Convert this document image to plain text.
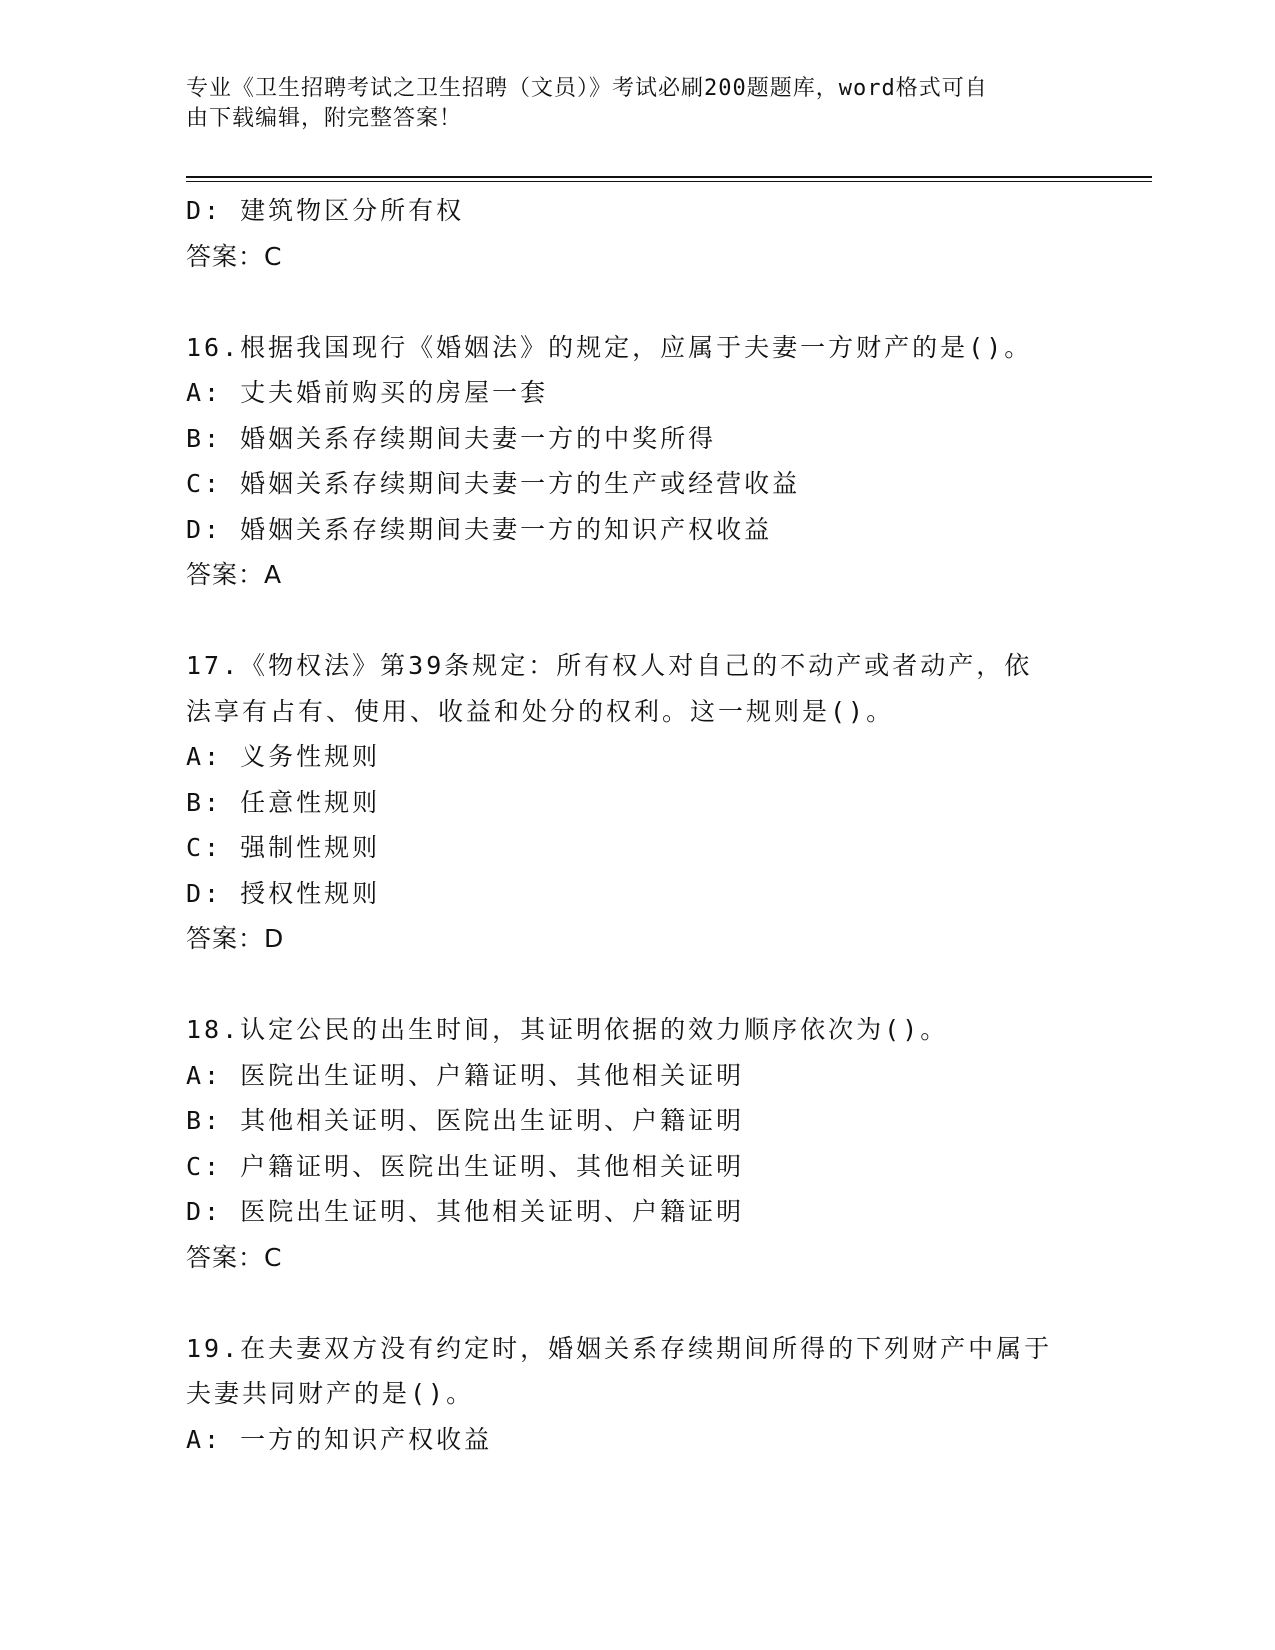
专业《卫生招聘考试之卫生招聘（文员）》考试必刷200题题库，word格式可自
由下载编辑，附完整答案！
D: 建筑物区分所有权
答案：C
16.根据我国现行《婚姻法》的规定，应属于夫妻一方财产的是()。
A: 丈夫婚前购买的房屋一套
B: 婚姻关系存续期间夫妻一方的中奖所得
C: 婚姻关系存续期间夫妻一方的生产或经营收益
D: 婚姻关系存续期间夫妻一方的知识产权收益
答案：A
17.《物权法》第39条规定：所有权人对自己的不动产或者动产，依
法享有占有、使用、收益和处分的权利。这一规则是()。
A: 义务性规则
B: 任意性规则
C: 强制性规则
D: 授权性规则
答案：D
18.认定公民的出生时间，其证明依据的效力顺序依次为()。
A: 医院出生证明、户籍证明、其他相关证明
B: 其他相关证明、医院出生证明、户籍证明
C: 户籍证明、医院出生证明、其他相关证明
D: 医院出生证明、其他相关证明、户籍证明
答案：C
19.在夫妻双方没有约定时，婚姻关系存续期间所得的下列财产中属于
夫妻共同财产的是()。
A: 一方的知识产权收益
